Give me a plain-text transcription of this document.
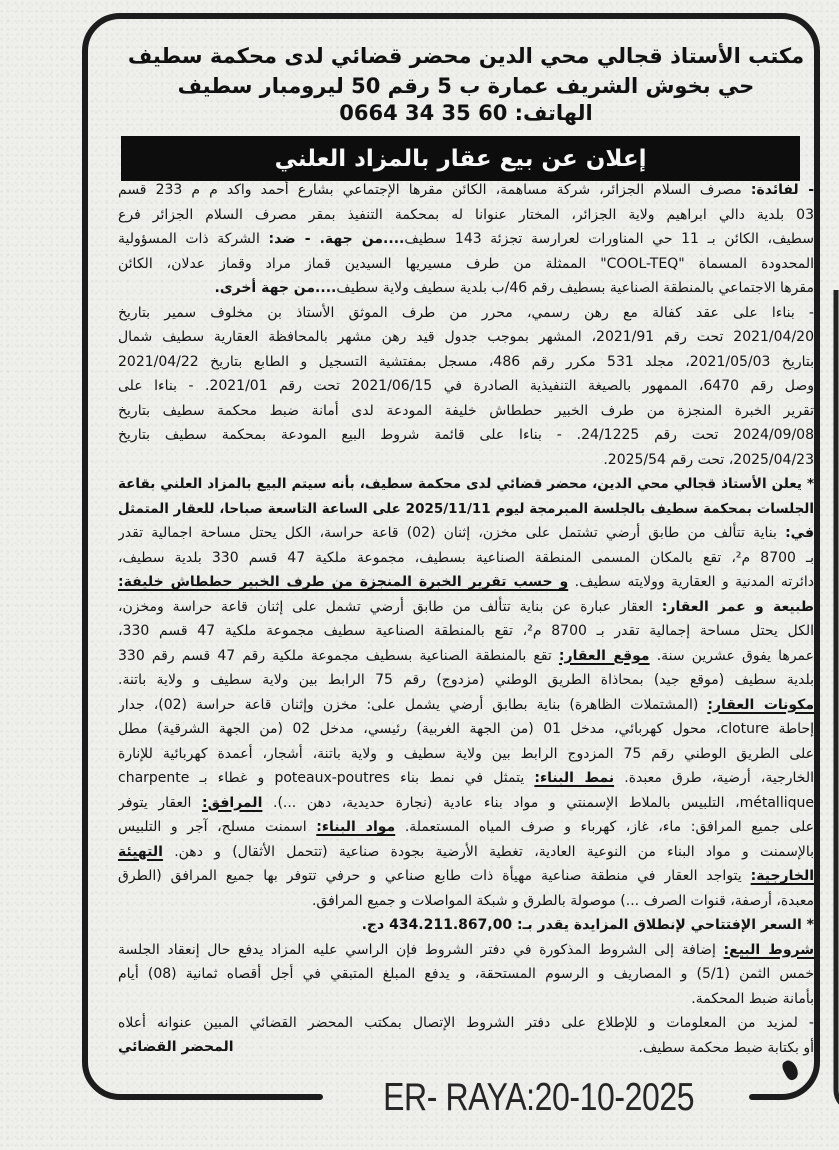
مكتب الأستاذ قجالي محي الدين محضر قضائي لدى محكمة سطيف
حي بخوش الشريف عمارة ب 5 رقم 50 ليرومبار سطيف
الهاتف: 0664 34 35 60
إعلان عن بيع عقار بالمزاد العلني
- لفائدة: مصرف السلام الجزائر، شركة مساهمة، الكائن مقرها الإجتماعي بشارع أحمد واكد م م 233 قسم
03 بلدية دالي ابراهيم ولاية الجزائر، المختار عنوانا له بمحكمة التنفيذ بمقر مصرف السلام الجزائر فرع
سطيف، الكائن بـ 11 حي المناورات لعرارسة تجزئة 143 سطيف....من جهة. - ضد: الشركة ذات المسؤولية
المحدودة المسماة "COOL-TEQ" الممثلة من طرف مسيريها السيدين قماز مراد وقماز عدلان، الكائن
مقرها الاجتماعي بالمنطقة الصناعية بسطيف رقم 46/ب بلدية سطيف ولاية سطيف....من جهة أخرى.
- بناءا على عقد كفالة مع رهن رسمي، محرر من طرف الموثق الأستاذ بن مخلوف سمير بتاريخ
2021/04/20 تحت رقم 2021/91، المشهر بموجب جدول قيد رهن مشهر بالمحافظة العقارية سطيف شمال
بتاريخ 2021/05/03، مجلد 531 مكرر رقم 486، مسجل بمفتشية التسجيل و الطابع بتاريخ 2021/04/22
وصل رقم 6470، الممهور بالصيغة التنفيذية الصادرة في 2021/06/15 تحت رقم 2021/01. - بناءا على
تقرير الخبرة المنجزة من طرف الخبير حططاش خليفة المودعة لدى أمانة ضبط محكمة سطيف بتاريخ
2024/09/08 تحت رقم 24/1225. - بناءا على قائمة شروط البيع المودعة بمحكمة سطيف بتاريخ
2025/04/23، تحت رقم 2025/54.
* يعلن الأستاذ قجالي محي الدين، محضر قضائي لدى محكمة سطيف، بأنه سيتم البيع بالمزاد العلني بقاعة
الجلسات بمحكمة سطيف بالجلسة المبرمجة ليوم 2025/11/11 على الساعة التاسعة صباحا، للعقار المتمثل
في: بناية تتألف من طابق أرضي تشتمل على مخزن، إثنان (02) قاعة حراسة، الكل يحتل مساحة اجمالية تقدر
بـ 8700 م²، تقع بالمكان المسمى المنطقة الصناعية بسطيف، مجموعة ملكية 47 قسم 330 بلدية سطيف،
دائرته المدنية و العقارية وولايته سطيف. و حسب تقرير الخبرة المنجزة من طرف الخبير حططاش خليفة:
طبيعة و عمر العقار: العقار عبارة عن بناية تتألف من طابق أرضي تشمل على إثنان قاعة حراسة ومخزن،
الكل يحتل مساحة إجمالية تقدر بـ 8700 م²، تقع بالمنطقة الصناعية سطيف مجموعة ملكية 47 قسم 330،
عمرها يفوق عشرين سنة. موقع العقار: تقع بالمنطقة الصناعية بسطيف مجموعة ملكية رقم 47 قسم رقم 330
بلدية سطيف (موقع جيد) بمحاذاة الطريق الوطني (مزدوج) رقم 75 الرابط بين ولاية سطيف و ولاية باتنة.
مكونات العقار: (المشتملات الظاهرة) بناية بطابق أرضي يشمل على: مخزن وإثنان قاعة حراسة (02)، جدار
إحاطة cloture، محول كهربائي، مدخل 01 (من الجهة الغربية) رئيسي، مدخل 02 (من الجهة الشرقية) مطل
على الطريق الوطني رقم 75 المزدوج الرابط بين ولاية سطيف و ولاية باتنة، أشجار، أعمدة كهربائية للإنارة
الخارجية، أرضية، طرق معبدة. نمط البناء: يتمثل في نمط بناء poteaux-poutres و غطاء بـ charpente
métallique، التلبيس بالملاط الإسمنتي و مواد بناء عادية (نجارة حديدية، دهن ...). المرافق: العقار يتوفر
على جميع المرافق: ماء، غاز، كهرباء و صرف المياه المستعملة. مواد البناء: اسمنت مسلح، آجر و التلبيس
بالإسمنت و مواد البناء من النوعية العادية، تغطية الأرضية بجودة صناعية (تتحمل الأثقال) و دهن. التهيئة
الخارجية: يتواجد العقار في منطقة صناعية مهيأة ذات طابع صناعي و حرفي تتوفر بها جميع المرافق (الطرق
معبدة، أرصفة، قنوات الصرف ...) موصولة بالطرق و شبكة المواصلات و جميع المرافق.
* السعر الإفتتاحي لإنطلاق المزايدة يقدر بـ: 434.211.867,00 دج.
شروط البيع: إضافة إلى الشروط المذكورة في دفتر الشروط فإن الراسي عليه المزاد يدفع حال إنعقاد الجلسة
خمس الثمن (5/1) و المصاريف و الرسوم المستحقة، و يدفع المبلغ المتبقي في أجل أقصاه ثمانية (08) أيام
بأمانة ضبط المحكمة.
- لمزيد من المعلومات و للإطلاع على دفتر الشروط الإتصال بمكتب المحضر القضائي المبين عنوانه أعلاه
أو بكتابة ضبط محكمة سطيف.
المحضر القضائي
ER- RAYA:20-10-2025
